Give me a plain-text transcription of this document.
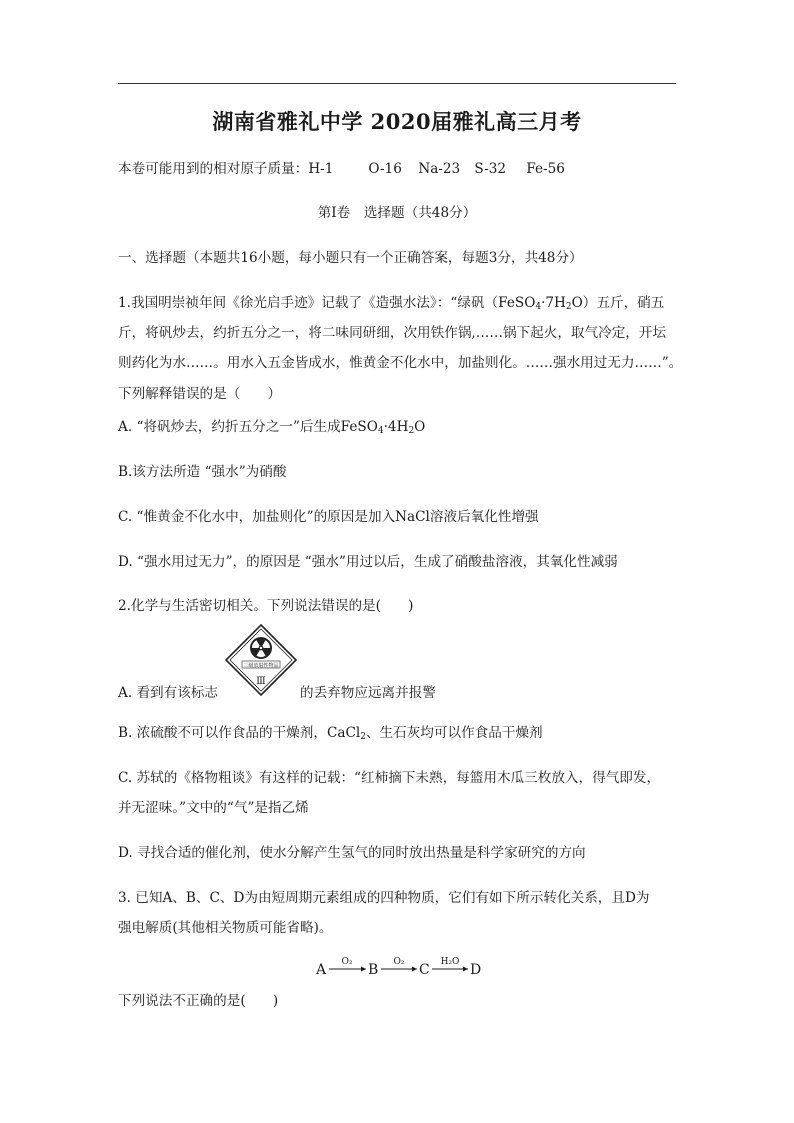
湖南省雅礼中学 2020届雅礼高三月考
本卷可能用到的相对原子质量：H-1	O-16 Na-23 S-32 Fe-56
第Ⅰ卷　选择题（共48分）
一、选择题（本题共16小题，每小题只有一个正确答案，每题3分，共48分）
1.我国明崇祯年间《徐光启手迹》记载了《造强水法》：“绿矾$(FeSO_4\cdot 7H_2O)$五斤，硝五
斤，将矾炒去，约折五分之一，将二味同研细，次用铁作锅,……锅下起火，取气冷定，开坛
则药化为水……。用水入五金皆成水，惟黄金不化水中，加盐则化。……强水用过无力……”。
下列解释错误的是（　　）
A. “将矾炒去，约折五分之一”后生成$FeSO_4\cdot 4H_2O$
B.该方法所造 “强水”为硝酸
C. “惟黄金不化水中，加盐则化”的原因是加入NaCl溶液后氧化性增强
D. “强水用过无力”，的原因是 “强水”用过以后，生成了硝酸盐溶液，其氧化性减弱
2.化学与生活密切相关。下列说法错误的是(　　)
三级放射性物品
Ⅲ
A. 看到有该标志	的丢弃物应远离并报警
B. 浓硫酸不可以作食品的干燥剂，CaCl$_2$、生石灰均可以作食品干燥剂
C. 苏轼的《格物粗谈》有这样的记载：“红柿摘下未熟，每篮用木瓜三枚放入，得气即发，
并无涩味。”文中的“气”是指乙烯
D. 寻找合适的催化剂，使水分解产生氢气的同时放出热量是科学家研究的方向
3. 已知A、B、C、D为由短周期元素组成的四种物质，它们有如下所示转化关系，且D为
强电解质(其他相关物质可能省略)。
A O₂ B O₂ C H₂O D
下列说法不正确的是(　　)
